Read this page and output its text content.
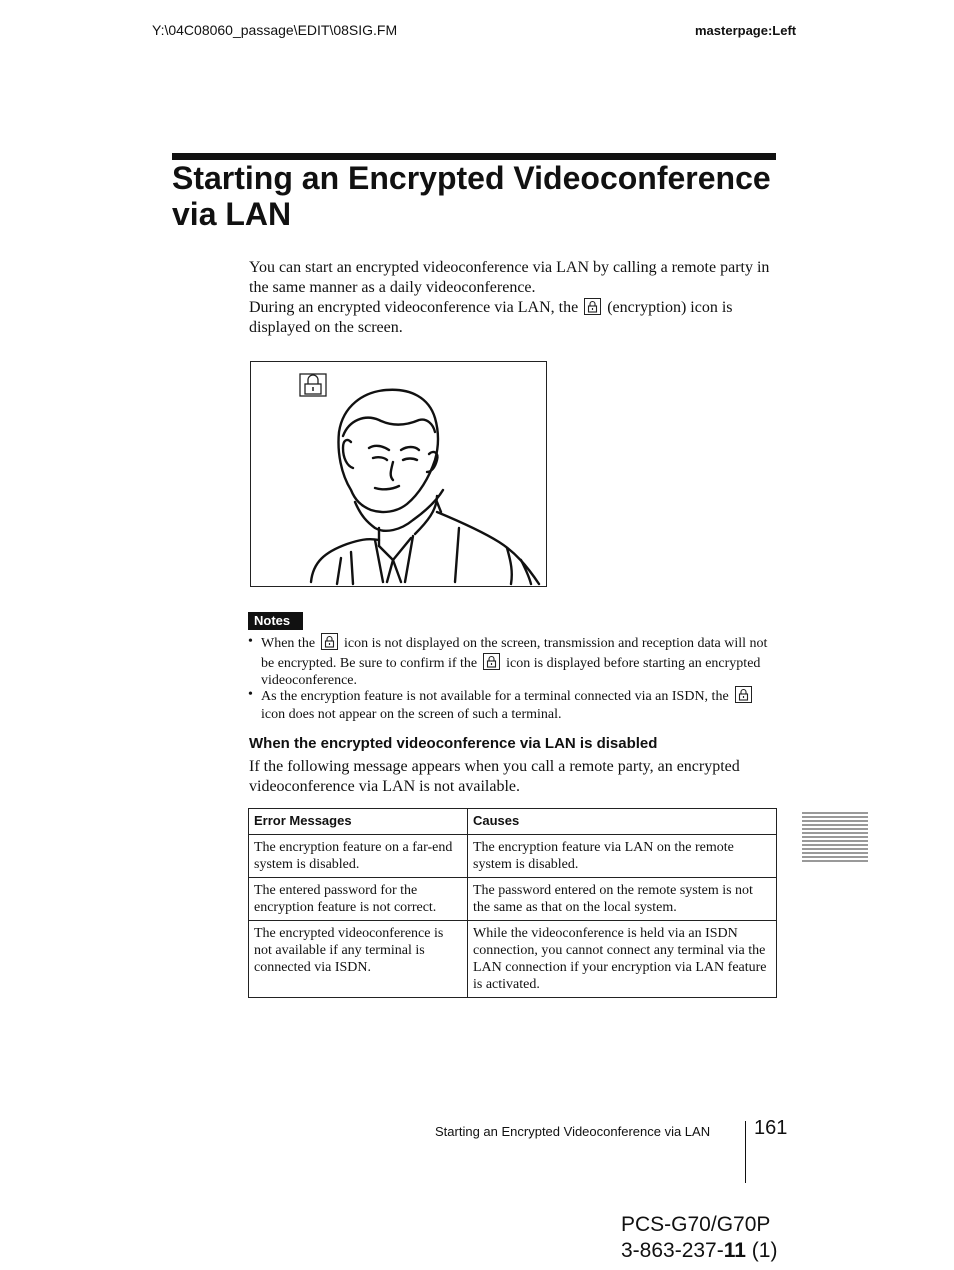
Y:\04C08060_passage\EDIT\08SIG.FM	masterpage:Left
Starting an Encrypted Videoconference
via LAN
You can start an encrypted videoconference via LAN by calling a remote party in the same manner as a daily videoconference.
During an encrypted videoconference via LAN, the (encryption) icon is displayed on the screen.
Notes
• When the icon is not displayed on the screen, transmission and reception data will not be encrypted. Be sure to confirm if the icon is displayed before starting an encrypted videoconference.
• As the encryption feature is not available for a terminal connected via an ISDN, the
icon does not appear on the screen of such a terminal.
When the encrypted videoconference via LAN is disabled
If the following message appears when you call a remote party, an encrypted videoconference via LAN is not available.
Error Messages	Causes
The encryption feature on a far-end system is disabled.	The encryption feature via LAN on the remote system is disabled.
The entered password for the encryption feature is not correct.	The password entered on the remote system is not the same as that on the local system.
The encrypted videoconference is not available if any terminal is connected via ISDN.	While the videoconference is held via an ISDN connection, you cannot connect any terminal via the LAN connection if your encryption via LAN feature is activated.
Starting an Encrypted Videoconference via LAN 161
PCS-G70/G70P
3-863-237-11 (1)
